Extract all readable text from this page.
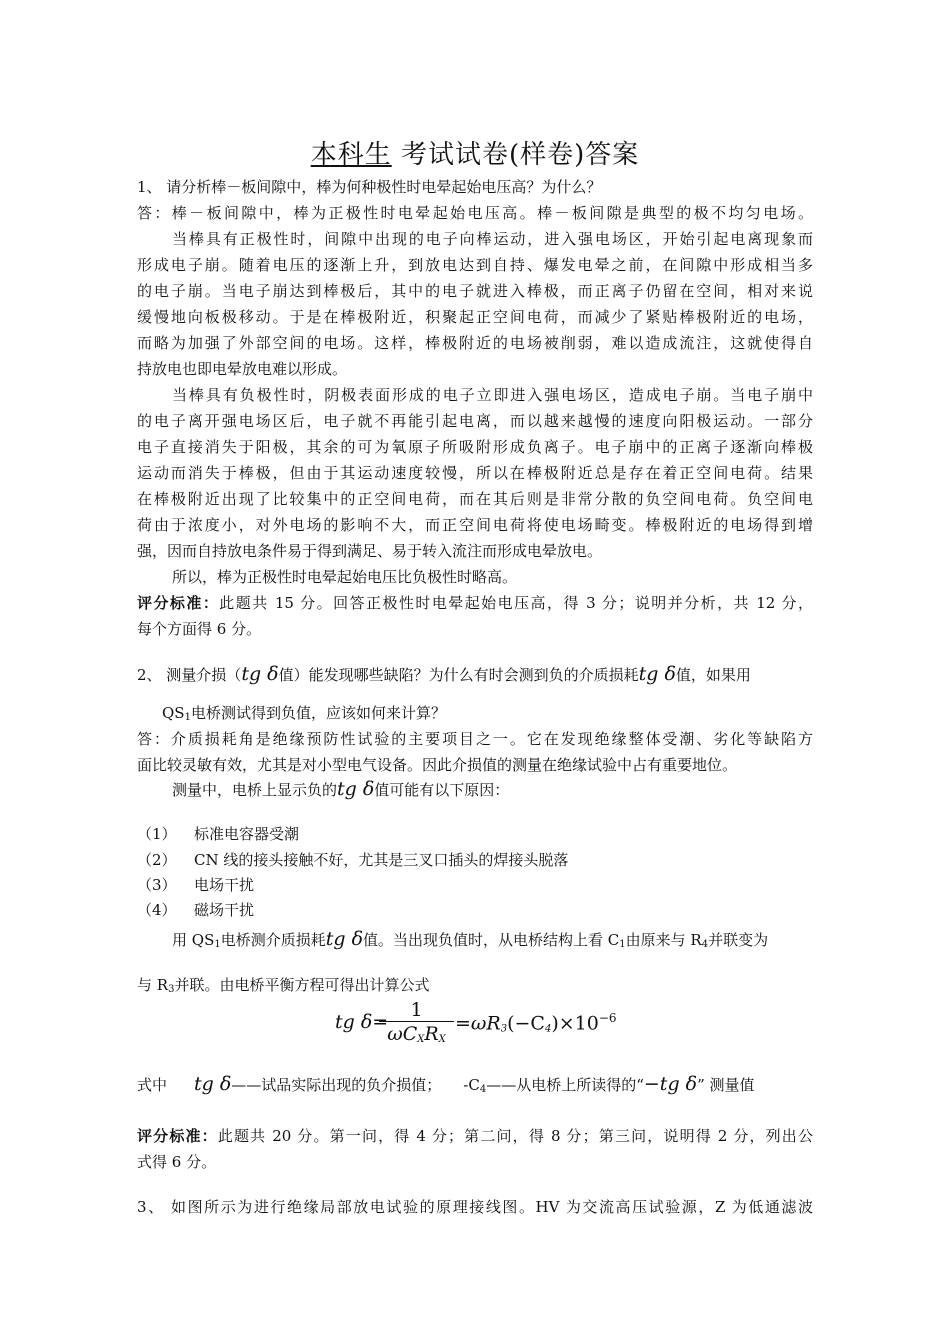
本科生 考试试卷(样卷)答案
1、 请分析棒－板间隙中，棒为何种极性时电晕起始电压高？为什么？
答：棒－板间隙中，棒为正极性时电晕起始电压高。棒－板间隙是典型的极不均匀电场。
当棒具有正极性时，间隙中出现的电子向棒运动，进入强电场区，开始引起电离现象而
形成电子崩。随着电压的逐渐上升，到放电达到自持、爆发电晕之前，在间隙中形成相当多
的电子崩。当电子崩达到棒极后，其中的电子就进入棒极，而正离子仍留在空间，相对来说
缓慢地向板极移动。于是在棒极附近，积聚起正空间电荷，而减少了紧贴棒极附近的电场，
而略为加强了外部空间的电场。这样，棒极附近的电场被削弱，难以造成流注，这就使得自
持放电也即电晕放电难以形成。
当棒具有负极性时，阴极表面形成的电子立即进入强电场区，造成电子崩。当电子崩中
的电子离开强电场区后，电子就不再能引起电离，而以越来越慢的速度向阳极运动。一部分
电子直接消失于阳极，其余的可为氧原子所吸附形成负离子。电子崩中的正离子逐渐向棒极
运动而消失于棒极，但由于其运动速度较慢，所以在棒极附近总是存在着正空间电荷。结果
在棒极附近出现了比较集中的正空间电荷，而在其后则是非常分散的负空间电荷。负空间电
荷由于浓度小，对外电场的影响不大，而正空间电荷将使电场畸变。棒极附近的电场得到增
强，因而自持放电条件易于得到满足、易于转入流注而形成电晕放电。
所以，棒为正极性时电晕起始电压比负极性时略高。
评分标准：此题共 15 分。回答正极性时电晕起始电压高，得 3 分；说明并分析，共 12 分，
每个方面得 6 分。
2、 测量介损（tg δ值）能发现哪些缺陷？为什么有时会测到负的介质损耗tg δ值，如果用
$QS_1$电桥测试得到负值，应该如何来计算？
答：介质损耗角是绝缘预防性试验的主要项目之一。它在发现绝缘整体受潮、劣化等缺陷方
面比较灵敏有效，尤其是对小型电气设备。因此介损值的测量在绝缘试验中占有重要地位。
测量中，电桥上显示负的tg δ值可能有以下原因：
（1） 标准电容器受潮
（2） CN 线的接头接触不好，尤其是三叉口插头的焊接头脱落
（3） 电场干扰
（4） 磁场干扰
用 $QS_1$电桥测介质损耗tg δ值。当出现负值时，从电桥结构上看 $C_1$由原来与 $R_4$并联变为
与 $R_3$并联。由电桥平衡方程可得出计算公式
tg δ=
1
$\omega C_XR_X$
$=\omega R_3(-C_4)\times 10^{-6}$
式中 tg δ——试品实际出现的负介损值； $-C_4——$从电桥上所读得的“−tg δ” 测量值
评分标准：此题共 20 分。第一问，得 4 分；第二问，得 8 分；第三问，说明得 2 分，列出公
式得 6 分。
3、 如图所示为进行绝缘局部放电试验的原理接线图。HV 为交流高压试验源，Z 为低通滤波
